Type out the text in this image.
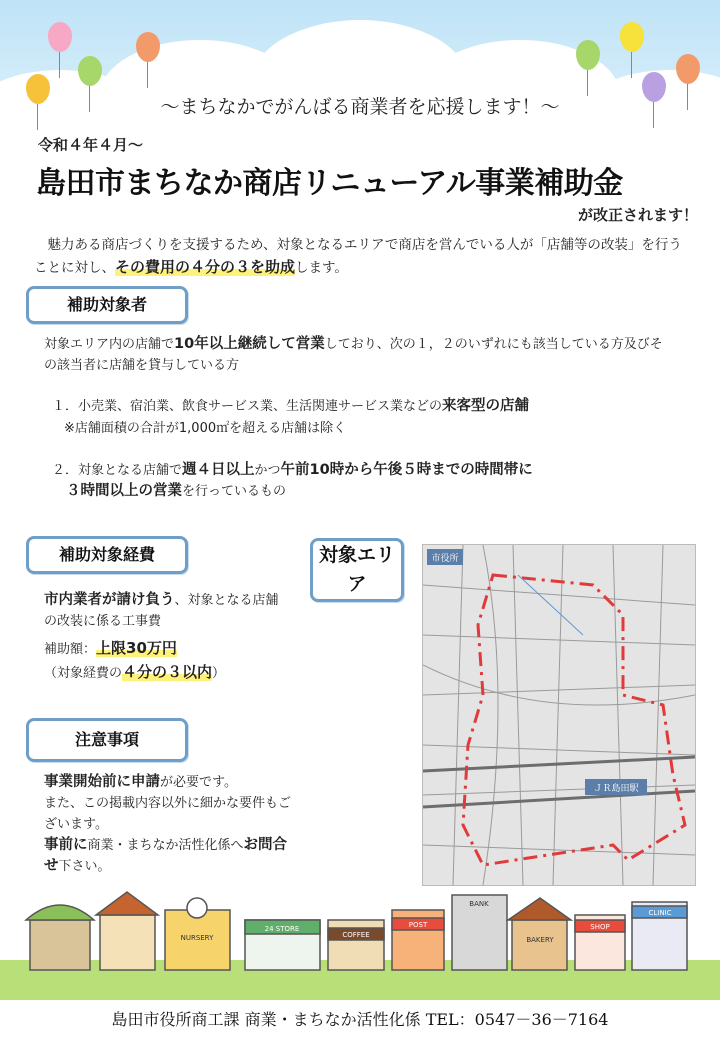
～まちなかでがんばる商業者を応援します！～
令和４年４月～
島田市まちなか商店リニューアル事業補助金
が改正されます！
魅力ある商店づくりを支援するため、対象となるエリアで商店を営んでいる人が「店舗等の改装」を行うことに対し、その費用の４分の３を助成します。
補助対象者
対象エリア内の店舗で10年以上継続して営業しており、次の１，２のいずれにも該当している方及びその該当者に店舗を貸与している方
１．小売業、宿泊業、飲食サービス業、生活関連サービス業などの来客型の店舗
※店舗面積の合計が1,000㎡を超える店舗は除く
２．対象となる店舗で週４日以上かつ午前10時から午後５時までの時間帯に
３時間以上の営業を行っているもの
補助対象経費
市内業者が請け負う、対象となる店舗の改装に係る工事費
補助額：上限30万円
（対象経費の４分の３以内）
注意事項
事業開始前に申請が必要です。
また、この掲載内容以外に細かな要件もございます。
事前に商業・まちなか活性化係へお問合せ下さい。
対象エリア
市役所
ＪＲ島田駅
NURSERY
24 STORE
COFFEE
POST
BANK
BAKERY
SHOP
CLINIC
島田市役所商工課 商業・まちなか活性化係 TEL：0547－36－7164
